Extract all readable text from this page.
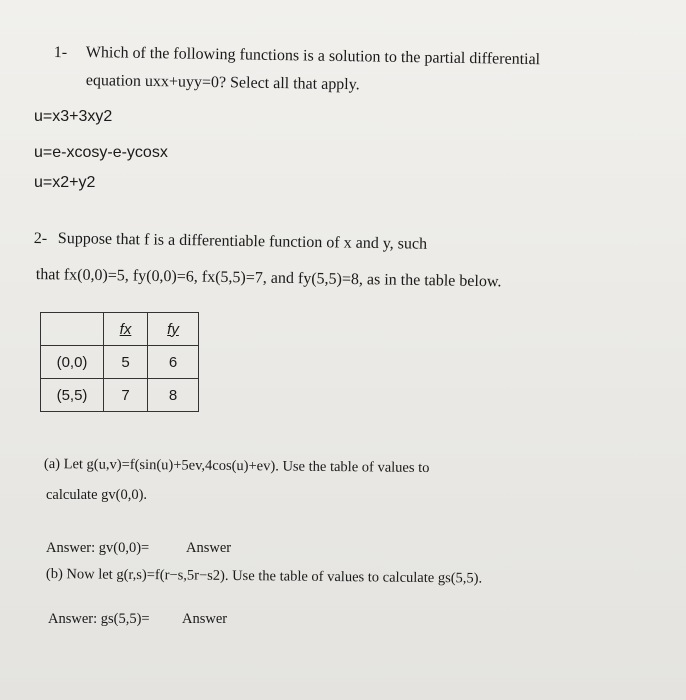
1- Which of the following functions is a solution to the partial differential
equation uxx+uyy=0? Select all that apply.
u=x3+3xy2
u=e-xcosy-e-ycosx
u=x2+y2
2- Suppose that f is a differentiable function of x and y, such
that fx(0,0)=5, fy(0,0)=6, fx(5,5)=7, and fy(5,5)=8, as in the table below.
	fx	fy
(0,0)	5	6
(5,5)	7	8
(a) Let g(u,v)=f(sin(u)+5ev,4cos(u)+ev). Use the table of values to
calculate gv(0,0).
Answer: gv(0,0)=	Answer
(b) Now let g(r,s)=f(r−s,5r−s2). Use the table of values to calculate gs(5,5).
Answer: gs(5,5)= Answer
